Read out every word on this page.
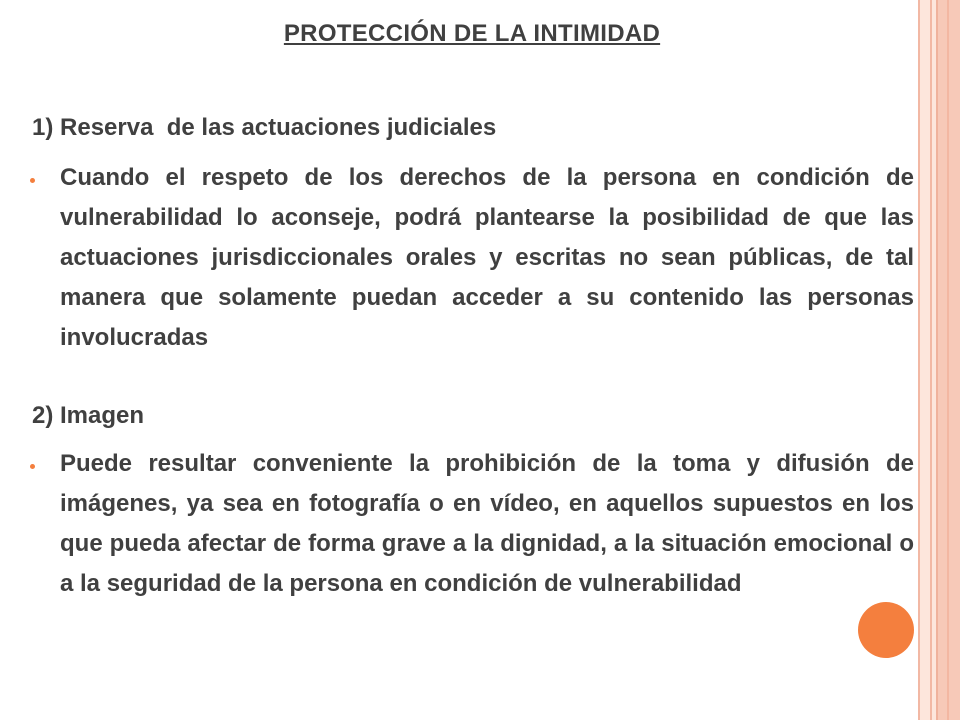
PROTECCIÓN DE LA INTIMIDAD
1) Reserva  de las actuaciones judiciales
Cuando el respeto de los derechos de la persona en condición de vulnerabilidad lo aconseje, podrá plantearse la posibilidad de que las actuaciones jurisdiccionales orales y escritas no sean públicas, de tal manera que solamente puedan acceder a su contenido las personas involucradas
2) Imagen
Puede resultar conveniente la prohibición de la toma y difusión de imágenes, ya sea en fotografía o en vídeo, en aquellos supuestos en los que pueda afectar de forma grave a la dignidad, a la situación emocional o a la seguridad de la persona en condición de vulnerabilidad
